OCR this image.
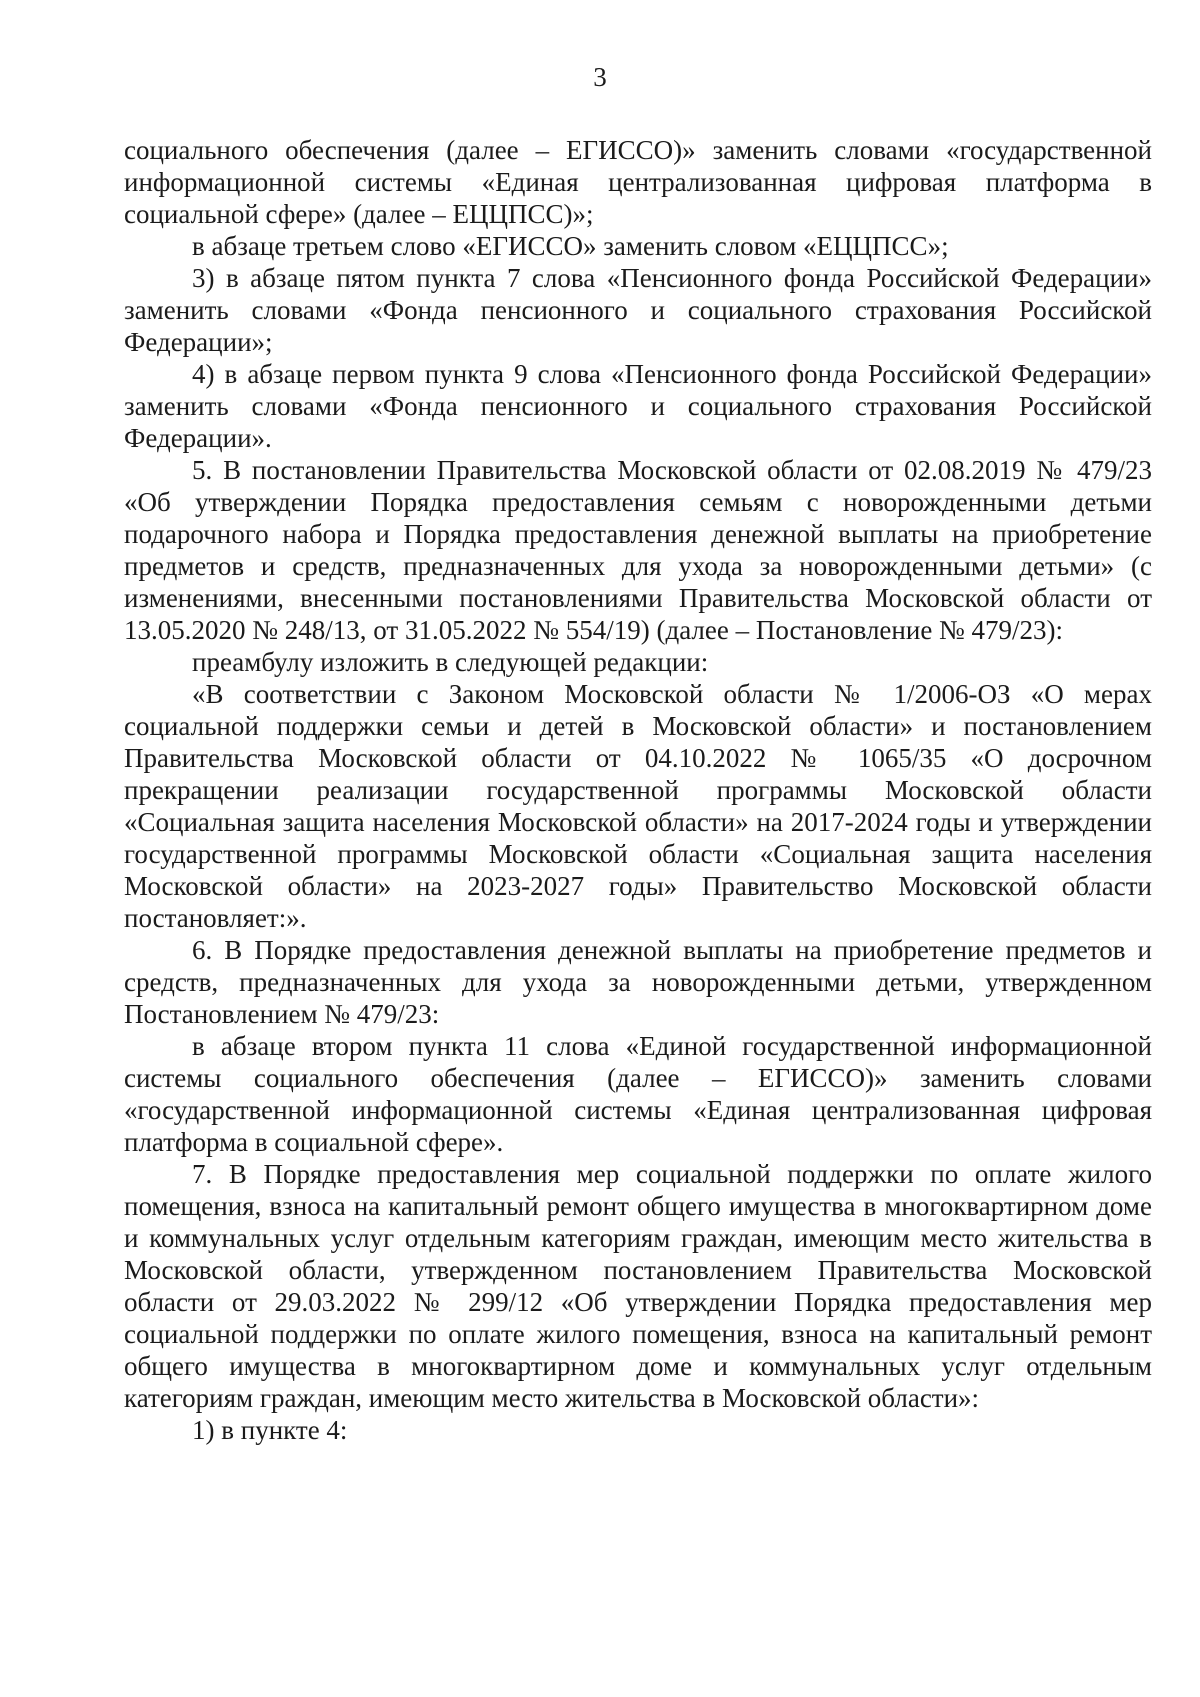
3

социального обеспечения (далее – ЕГИССО)» заменить словами «государственной информационной системы «Единая централизованная цифровая платформа в социальной сфере» (далее – ЕЦЦПСС)»;

в абзаце третьем слово «ЕГИССО» заменить словом «ЕЦЦПСС»;

3) в абзаце пятом пункта 7 слова «Пенсионного фонда Российской Федерации» заменить словами «Фонда пенсионного и социального страхования Российской Федерации»;

4) в абзаце первом пункта 9 слова «Пенсионного фонда Российской Федерации» заменить словами «Фонда пенсионного и социального страхования Российской Федерации».

5. В постановлении Правительства Московской области от 02.08.2019 № 479/23 «Об утверждении Порядка предоставления семьям с новорожденными детьми подарочного набора и Порядка предоставления денежной выплаты на приобретение предметов и средств, предназначенных для ухода за новорожденными детьми» (с изменениями, внесенными постановлениями Правительства Московской области от 13.05.2020 № 248/13, от 31.05.2022 № 554/19) (далее – Постановление № 479/23):

преамбулу изложить в следующей редакции:

«В соответствии с Законом Московской области № 1/2006-ОЗ «О мерах социальной поддержки семьи и детей в Московской области» и постановлением Правительства Московской области от 04.10.2022 № 1065/35 «О досрочном прекращении реализации государственной программы Московской области «Социальная защита населения Московской области» на 2017-2024 годы и утверждении государственной программы Московской области «Социальная защита населения Московской области» на 2023-2027 годы» Правительство Московской области постановляет:».

6. В Порядке предоставления денежной выплаты на приобретение предметов и средств, предназначенных для ухода за новорожденными детьми, утвержденном Постановлением № 479/23:

в абзаце втором пункта 11 слова «Единой государственной информационной системы социального обеспечения (далее – ЕГИССО)» заменить словами «государственной информационной системы «Единая централизованная цифровая платформа в социальной сфере».

7. В Порядке предоставления мер социальной поддержки по оплате жилого помещения, взноса на капитальный ремонт общего имущества в многоквартирном доме и коммунальных услуг отдельным категориям граждан, имеющим место жительства в Московской области, утвержденном постановлением Правительства Московской области от 29.03.2022 № 299/12 «Об утверждении Порядка предоставления мер социальной поддержки по оплате жилого помещения, взноса на капитальный ремонт общего имущества в многоквартирном доме и коммунальных услуг отдельным категориям граждан, имеющим место жительства в Московской области»:

1) в пункте 4:
